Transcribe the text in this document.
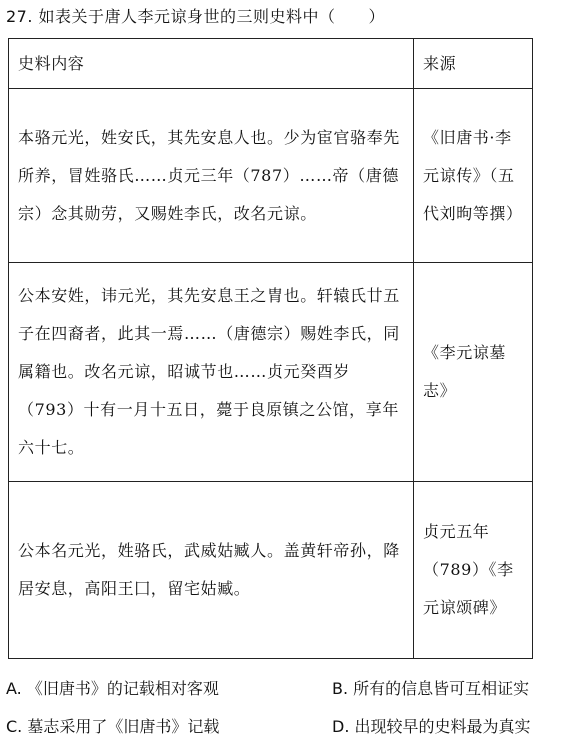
27. 如表关于唐人李元谅身世的三则史料中（　　）
史料内容	来源
本骆元光，姓安氏，其先安息人也。少为宦官骆奉先所养，冒姓骆氏……贞元三年（787）……帝（唐德宗）念其勋劳，又赐姓李氏，改名元谅。	《旧唐书·李元谅传》（五代刘昫等撰）
公本安姓，讳元光，其先安息王之胄也。轩辕氏廿五子在四裔者，此其一焉……（唐德宗）赐姓李氏，同属籍也。改名元谅，昭诚节也……贞元癸酉岁（793）十有一月十五日，薨于良原镇之公馆，享年六十七。	《李元谅墓志》
公本名元光，姓骆氏，武威姑臧人。盖黄轩帝孙，降居安息，高阳王囗，留宅姑臧。	贞元五年（789）《李元谅颂碑》
A. 《旧唐书》的记载相对客观	B. 所有的信息皆可互相证实
C. 墓志采用了《旧唐书》记载	D. 出现较早的史料最为真实
